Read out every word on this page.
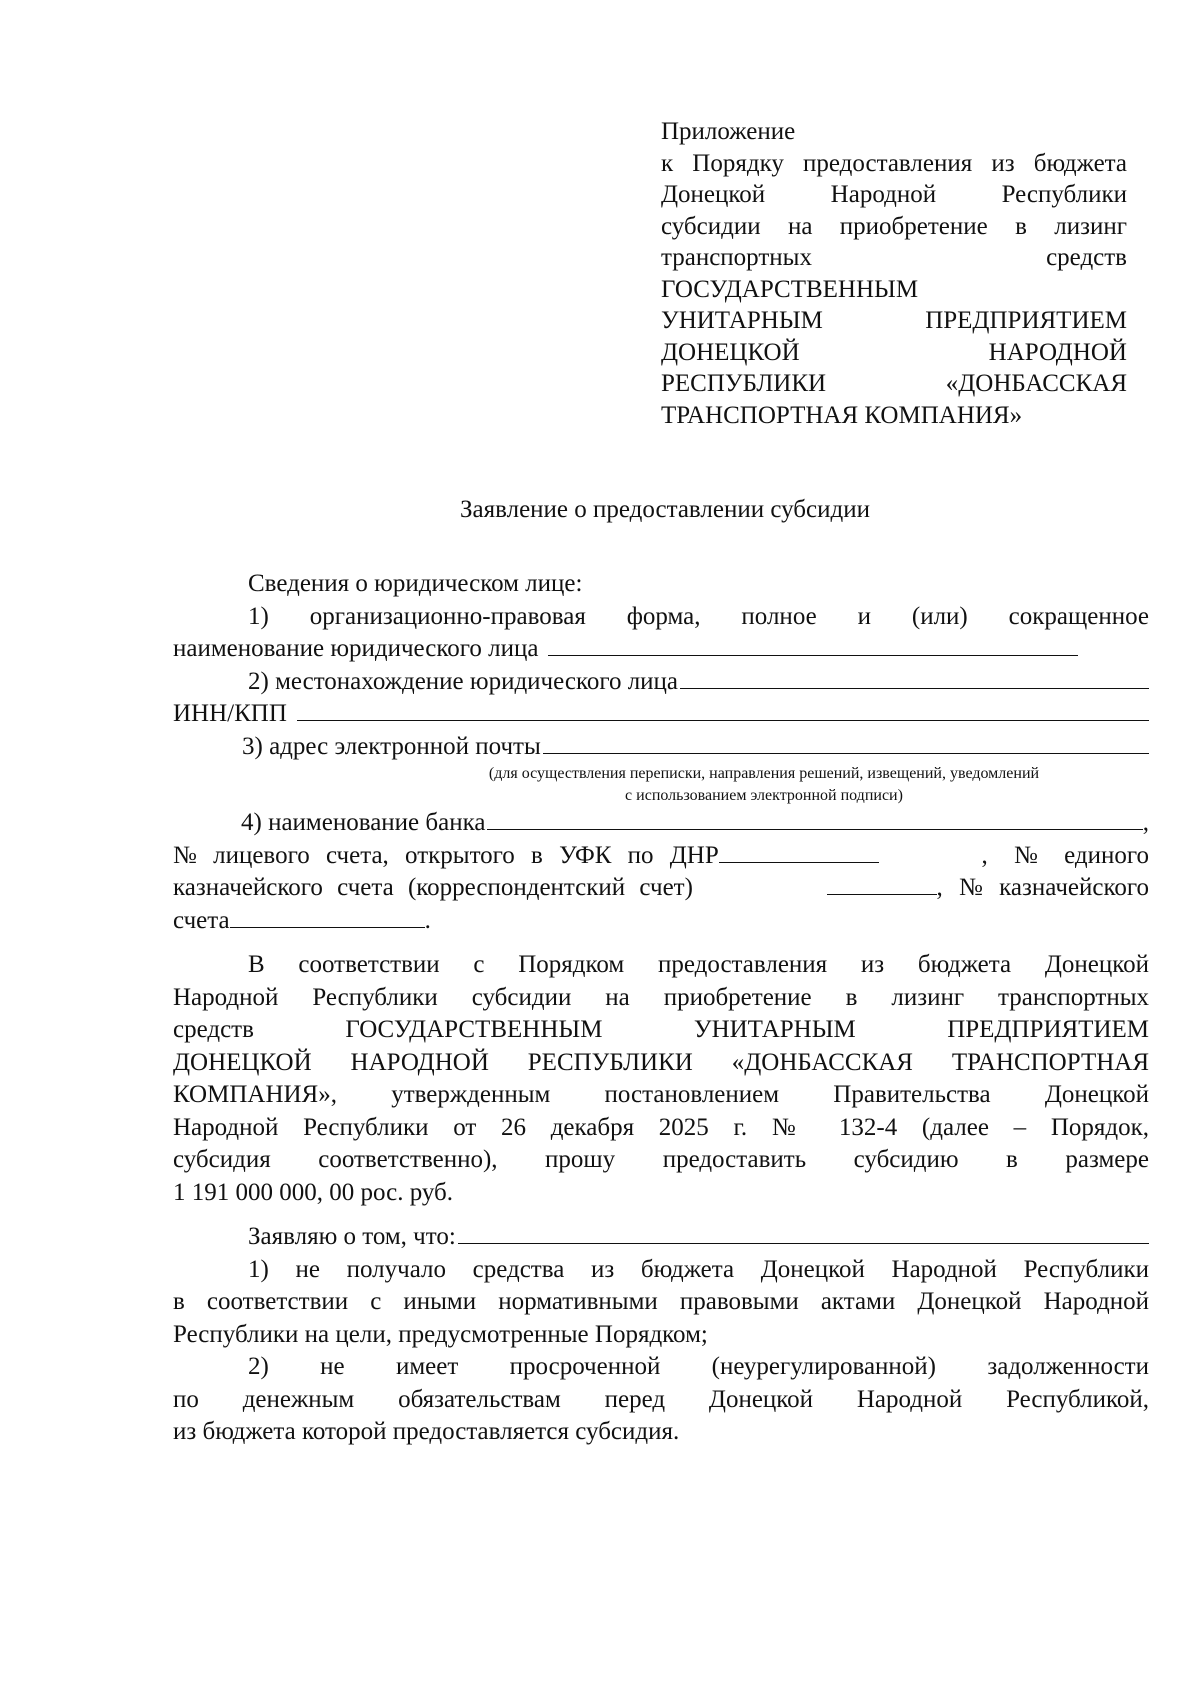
Приложение
к Порядку предоставления из бюджета
Донецкой Народной Республики
субсидии на приобретение в лизинг
транспортных средств
ГОСУДАРСТВЕННЫМ
УНИТАРНЫМ ПРЕДПРИЯТИЕМ
ДОНЕЦКОЙ НАРОДНОЙ
РЕСПУБЛИКИ «ДОНБАССКАЯ
ТРАНСПОРТНАЯ КОМПАНИЯ»
Заявление о предоставлении субсидии
Сведения о юридическом лице:
1) организационно-правовая форма, полное и (или) сокращенное
наименование юридического лица
2) местонахождение юридического лица
ИНН/КПП
3) адрес электронной почты
(для осуществления переписки, направления решений, извещений, уведомлений
с использованием электронной подписи)
4) наименование банка	,
№ лицевого счета, открытого в УФК по ДНР	, № единого
казначейского счета (корреспондентский счет)	, № казначейского
счета	.
В соответствии с Порядком предоставления из бюджета Донецкой
Народной Республики субсидии на приобретение в лизинг транспортных
средств ГОСУДАРСТВЕННЫМ УНИТАРНЫМ ПРЕДПРИЯТИЕМ
ДОНЕЦКОЙ НАРОДНОЙ РЕСПУБЛИКИ «ДОНБАССКАЯ ТРАНСПОРТНАЯ
КОМПАНИЯ», утвержденным постановлением Правительства Донецкой
Народной Республики от 26 декабря 2025 г. № 132-4 (далее – Порядок,
субсидия соответственно), прошу предоставить субсидию в размере
1 191 000 000, 00 рос. руб.
Заявляю о том, что:
1) не получало средства из бюджета Донецкой Народной Республики
в соответствии с иными нормативными правовыми актами Донецкой Народной
Республики на цели, предусмотренные Порядком;
2) не имеет просроченной (неурегулированной) задолженности
по денежным обязательствам перед Донецкой Народной Республикой,
из бюджета которой предоставляется субсидия.
